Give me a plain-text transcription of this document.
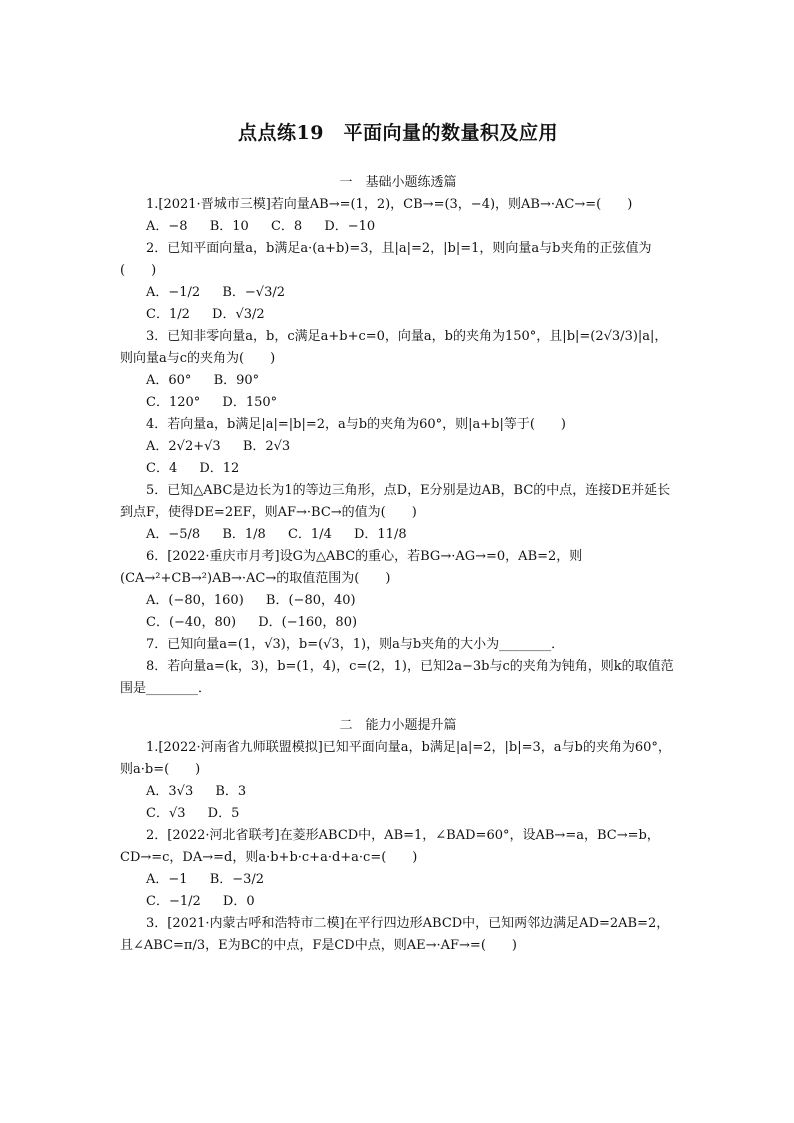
点点练19　平面向量的数量积及应用
一　基础小题练透篇
1.[2021·晋城市三模]若向量AB→=(1，2)，CB→=(3，−4)，则AB→·AC→=(　　)
A．−8 B．10 C．8 D．−10
2．已知平面向量a，b满足a·(a+b)=3，且|a|=2，|b|=1，则向量a与b夹角的正弦值为(　　)
A．−1/2 B．−√3/2
C．1/2 D．√3/2
3．已知非零向量a，b，c满足a+b+c=0，向量a，b的夹角为150°，且|b|=(2√3/3)|a|，则向量a与c的夹角为(　　)
A．60° B．90°
C．120° D．150°
4．若向量a，b满足|a|=|b|=2，a与b的夹角为60°，则|a+b|等于(　　)
A．2√2+√3 B．2√3
C．4 D．12
5．已知△ABC是边长为1的等边三角形，点D，E分别是边AB，BC的中点，连接DE并延长到点F，使得DE=2EF，则AF→·BC→的值为(　　)
A．−5/8 B．1/8 C．1/4 D．11/8
6．[2022·重庆市月考]设G为△ABC的重心，若BG→·AG→=0，AB=2，则(CA→²+CB→²)AB→·AC→的取值范围为(　　)
A．(−80，160) B．(−80，40)
C．(−40，80) D．(−160，80)
7．已知向量a=(1，√3)，b=(√3，1)，则a与b夹角的大小为________．
8．若向量a=(k，3)，b=(1，4)，c=(2，1)，已知2a−3b与c的夹角为钝角，则k的取值范围是________．
二　能力小题提升篇
1.[2022·河南省九师联盟模拟]已知平面向量a，b满足|a|=2，|b|=3，a与b的夹角为60°，则a·b=(　　)
A．3√3 B．3
C．√3 D．5
2．[2022·河北省联考]在菱形ABCD中，AB=1，∠BAD=60°，设AB→=a，BC→=b，CD→=c，DA→=d，则a·b+b·c+a·d+a·c=(　　)
A．−1 B．−3/2
C．−1/2 D．0
3．[2021·内蒙古呼和浩特市二模]在平行四边形ABCD中，已知两邻边满足AD=2AB=2，且∠ABC=π/3，E为BC的中点，F是CD中点，则AE→·AF→=(　　)
